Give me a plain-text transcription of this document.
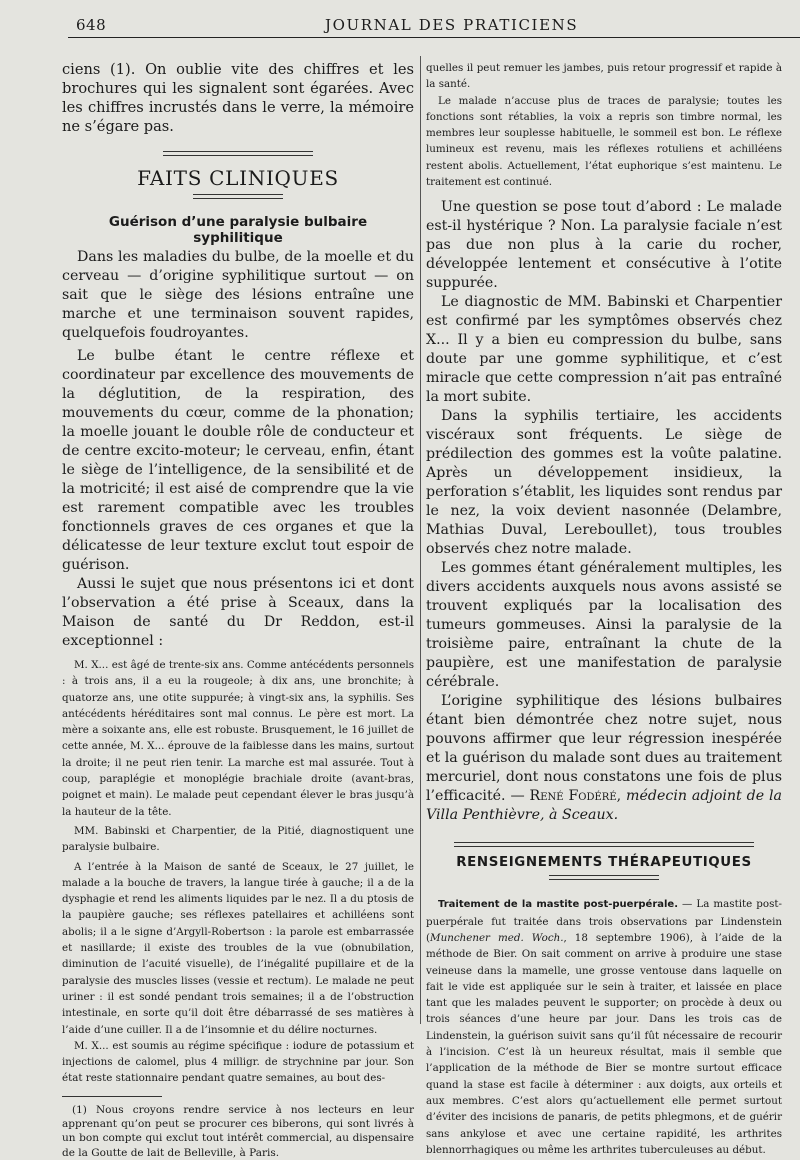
648	JOURNAL DES PRATICIENS

ciens (1). On oublie vite des chiffres et les brochures qui les signalent sont égarées. Avec les chiffres incrustés dans le verre, la mémoire ne s’égare pas.

FAITS CLINIQUES

Guérison d’une paralysie bulbaire syphilitique

Dans les maladies du bulbe, de la moelle et du cerveau — d’origine syphilitique surtout — on sait que le siège des lésions entraîne une marche et une terminaison souvent rapides, quelquefois foudroyantes.

Le bulbe étant le centre réflexe et coordinateur par excellence des mouvements de la déglutition, de la respiration, des mouvements du cœur, comme de la phonation; la moelle jouant le double rôle de conducteur et de centre excito-moteur; le cerveau, enfin, étant le siège de l’intelligence, de la sensibilité et de la motricité; il est aisé de comprendre que la vie est rarement compatible avec les troubles fonctionnels graves de ces organes et que la délicatesse de leur texture exclut tout espoir de guérison.

Aussi le sujet que nous présentons ici et dont l’observation a été prise à Sceaux, dans la Maison de santé du Dr Reddon, est-il exceptionnel :

M. X... est âgé de trente-six ans. Comme antécédents personnels : à trois ans, il a eu la rougeole; à dix ans, une bronchite; à quatorze ans, une otite suppurée; à vingt-six ans, la syphilis. Ses antécédents héréditaires sont mal connus. Le père est mort. La mère a soixante ans, elle est robuste. Brusquement, le 16 juillet de cette année, M. X... éprouve de la faiblesse dans les mains, surtout la droite; il ne peut rien tenir. La marche est mal assurée. Tout à coup, paraplégie et monoplégie brachiale droite (avant-bras, poignet et main). Le malade peut cependant élever le bras jusqu’à la hauteur de la tête.

MM. Babinski et Charpentier, de la Pitié, diagnostiquent une paralysie bulbaire.

A l’entrée à la Maison de santé de Sceaux, le 27 juillet, le malade a la bouche de travers, la langue tirée à gauche; il a de la dysphagie et rend les aliments liquides par le nez. Il a du ptosis de la paupière gauche; ses réflexes patellaires et achilléens sont abolis; il a le signe d’Argyll-Robertson : la parole est embarrassée et nasillarde; il existe des troubles de la vue (obnubilation, diminution de l’acuité visuelle), de l’inégalité pupillaire et de la paralysie des muscles lisses (vessie et rectum). Le malade ne peut uriner : il est sondé pendant trois semaines; il a de l’obstruction intestinale, en sorte qu’il doit être débarrassé de ses matières à l’aide d’une cuiller. Il a de l’insomnie et du délire nocturnes.

M. X... est soumis au régime spécifique : iodure de potassium et injections de calomel, plus 4 milligr. de strychnine par jour. Son état reste stationnaire pendant quatre semaines, au bout des-

(1) Nous croyons rendre service à nos lecteurs en leur apprenant qu’on peut se procurer ces biberons, qui sont livrés à un bon compte qui exclut tout intérêt commercial, au dispensaire de la Goutte de lait de Belleville, à Paris.

quelles il peut remuer les jambes, puis retour progressif et rapide à la santé.

Le malade n’accuse plus de traces de paralysie; toutes les fonctions sont rétablies, la voix a repris son timbre normal, les membres leur souplesse habituelle, le sommeil est bon. Le réflexe lumineux est revenu, mais les réflexes rotuliens et achilléens restent abolis. Actuellement, l’état euphorique s’est maintenu. Le traitement est continué.

Une question se pose tout d’abord : Le malade est-il hystérique ? Non. La paralysie faciale n’est pas due non plus à la carie du rocher, développée lentement et consécutive à l’otite suppurée.

Le diagnostic de MM. Babinski et Charpentier est confirmé par les symptômes observés chez X... Il y a bien eu compression du bulbe, sans doute par une gomme syphilitique, et c’est miracle que cette compression n’ait pas entraîné la mort subite.

Dans la syphilis tertiaire, les accidents viscéraux sont fréquents. Le siège de prédilection des gommes est la voûte palatine. Après un développement insidieux, la perforation s’établit, les liquides sont rendus par le nez, la voix devient nasonnée (Delambre, Mathias Duval, Lereboullet), tous troubles observés chez notre malade.

Les gommes étant généralement multiples, les divers accidents auxquels nous avons assisté se trouvent expliqués par la localisation des tumeurs gommeuses. Ainsi la paralysie de la troisième paire, entraînant la chute de la paupière, est une manifestation de paralysie cérébrale.

L’origine syphilitique des lésions bulbaires étant bien démontrée chez notre sujet, nous pouvons affirmer que leur régression inespérée et la guérison du malade sont dues au traitement mercuriel, dont nous constatons une fois de plus l’efficacité. — René Fodéré, médecin adjoint de la Villa Penthièvre, à Sceaux.

RENSEIGNEMENTS THÉRAPEUTIQUES

Traitement de la mastite post-puerpérale. — La mastite post-puerpérale fut traitée dans trois observations par Lindenstein (Munchener med. Woch., 18 septembre 1906), à l’aide de la méthode de Bier. On sait comment on arrive à produire une stase veineuse dans la mamelle, une grosse ventouse dans laquelle on fait le vide est appliquée sur le sein à traiter, et laissée en place tant que les malades peuvent le supporter; on procède à deux ou trois séances d’une heure par jour. Dans les trois cas de Lindenstein, la guérison suivit sans qu’il fût nécessaire de recourir à l’incision. C’est là un heureux résultat, mais il semble que l’application de la méthode de Bier se montre surtout efficace quand la stase est facile à déterminer : aux doigts, aux orteils et aux membres. C’est alors qu’actuellement elle permet surtout d’éviter des incisions de panaris, de petits phlegmons, et de guérir sans ankylose et avec une certaine rapidité, les arthrites blennorrhagiques ou même les arthrites tuberculeuses au début.
